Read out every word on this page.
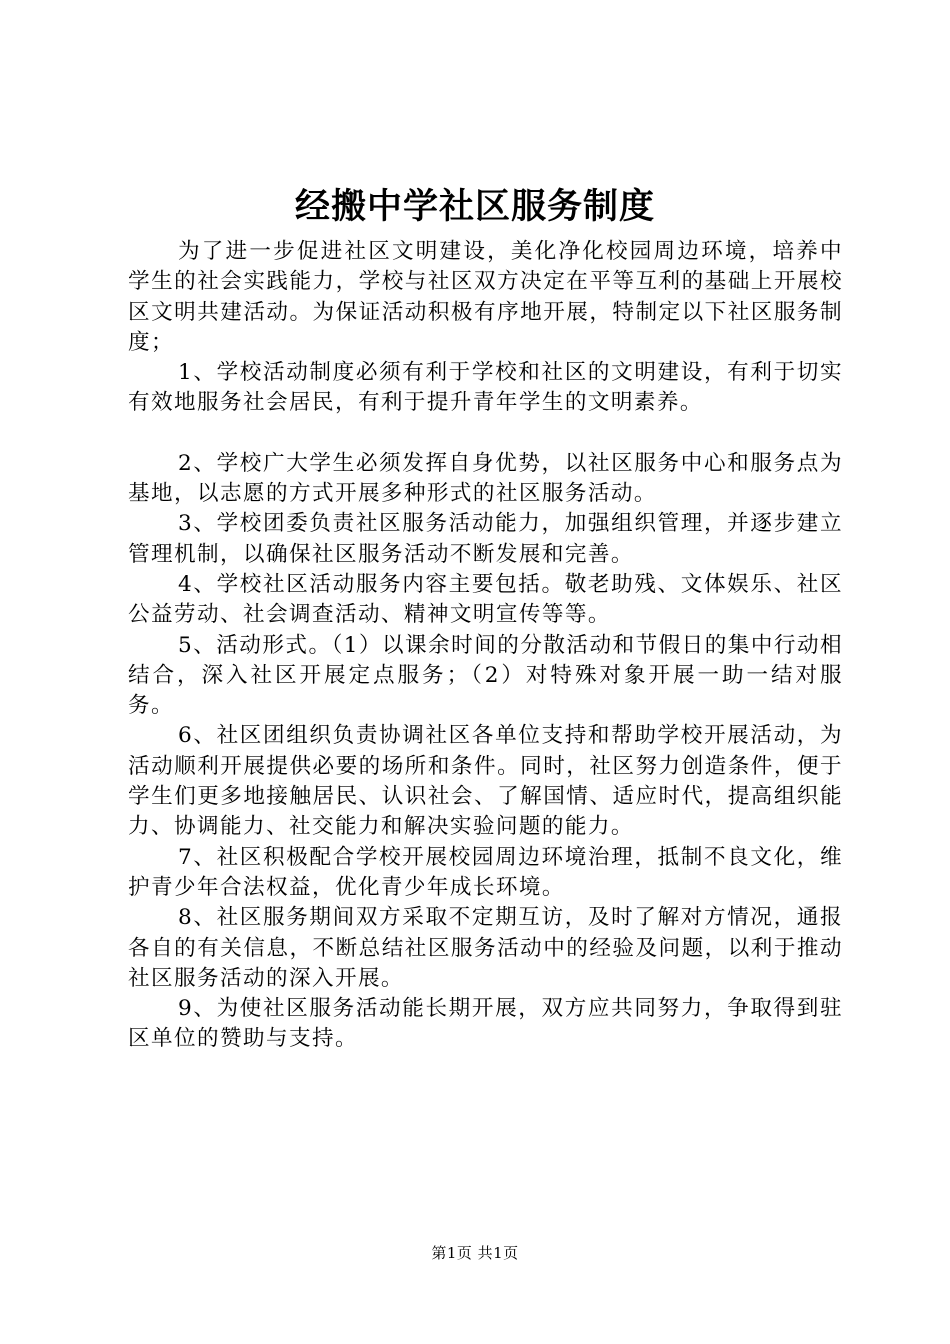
经搬中学社区服务制度

为了进一步促进社区文明建设，美化净化校园周边环境，培养中学生的社会实践能力，学校与社区双方决定在平等互利的基础上开展校区文明共建活动。为保证活动积极有序地开展，特制定以下社区服务制度；

1、学校活动制度必须有利于学校和社区的文明建设，有利于切实有效地服务社会居民，有利于提升青年学生的文明素养。

2、学校广大学生必须发挥自身优势，以社区服务中心和服务点为基地，以志愿的方式开展多种形式的社区服务活动。

3、学校团委负责社区服务活动能力，加强组织管理，并逐步建立管理机制，以确保社区服务活动不断发展和完善。

4、学校社区活动服务内容主要包括。敬老助残、文体娱乐、社区公益劳动、社会调查活动、精神文明宣传等等。

5、活动形式。（1）以课余时间的分散活动和节假日的集中行动相结合，深入社区开展定点服务；（2）对特殊对象开展一助一结对服务。

6、社区团组织负责协调社区各单位支持和帮助学校开展活动，为活动顺利开展提供必要的场所和条件。同时，社区努力创造条件，便于学生们更多地接触居民、认识社会、了解国情、适应时代，提高组织能力、协调能力、社交能力和解决实验问题的能力。

7、社区积极配合学校开展校园周边环境治理，抵制不良文化，维护青少年合法权益，优化青少年成长环境。

8、社区服务期间双方采取不定期互访，及时了解对方情况，通报各自的有关信息，不断总结社区服务活动中的经验及问题，以利于推动社区服务活动的深入开展。

9、为使社区服务活动能长期开展，双方应共同努力，争取得到驻区单位的赞助与支持。

第1页 共1页
